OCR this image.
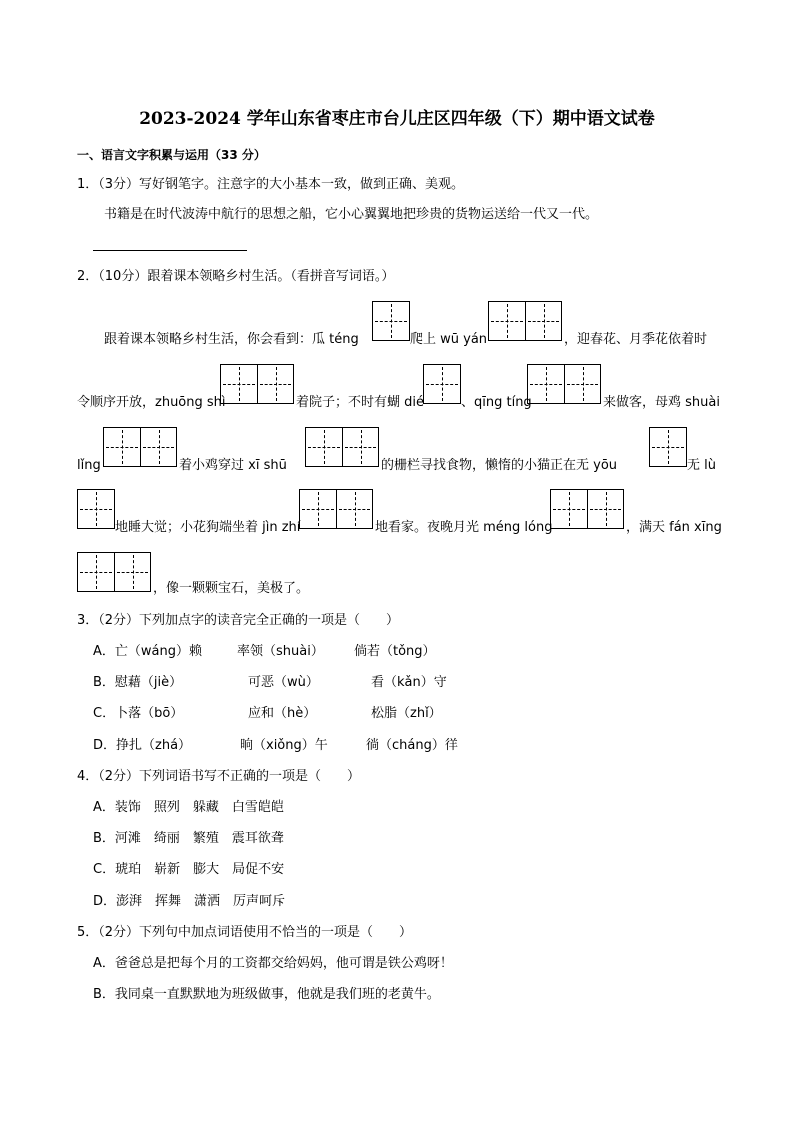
2023-2024 学年山东省枣庄市台儿庄区四年级（下）期中语文试卷
一、语言文字积累与运用（33 分）
1．（3分）写好钢笔字。注意字的大小基本一致，做到正确、美观。
书籍是在时代波涛中航行的思想之船，它小心翼翼地把珍贵的货物运送给一代又一代。
2．（10分）跟着课本领略乡村生活。（看拼音写词语。）
跟着课本领略乡村生活，你会看到：瓜 téng	爬上 wū yán	，迎春花、月季花依着时
令顺序开放，zhuōng shì	着院子；不时有蝴 dié	、qīng tíng	来做客，母鸡 shuài
lǐng	着小鸡穿过 xī shū	的栅栏寻找食物，懒惰的小猫正在无 yōu	无 lù
地睡大觉；小花狗端坐着 jìn zhí	地看家。夜晚月光 méng lóng	，满天 fán xīng
，像一颗颗宝石，美极了。
3．（2分）下列加点字的读音完全正确的一项是（　　）
A．亡（wáng）赖	率领（shuài） 倘若（tǒng）
B．慰藉（jiè）	可恶（wù）	看（kǎn）守
C．卜落（bō）	应和（hè）	松脂（zhǐ）
D．挣扎（zhá）	晌（xiǒng）午	徜（cháng）徉
4．（2分）下列词语书写不正确的一项是（　　）
A．装饰　照列　躲藏　白雪皑皑
B．河滩　绮丽　繁殖　震耳欲聋
C．琥珀　崭新　膨大　局促不安
D．澎湃　挥舞　潇洒　厉声呵斥
5．（2分）下列句中加点词语使用不恰当的一项是（　　）
A．爸爸总是把每个月的工资都交给妈妈，他可谓是铁公鸡呀！
B．我同桌一直默默地为班级做事，他就是我们班的老黄牛。
